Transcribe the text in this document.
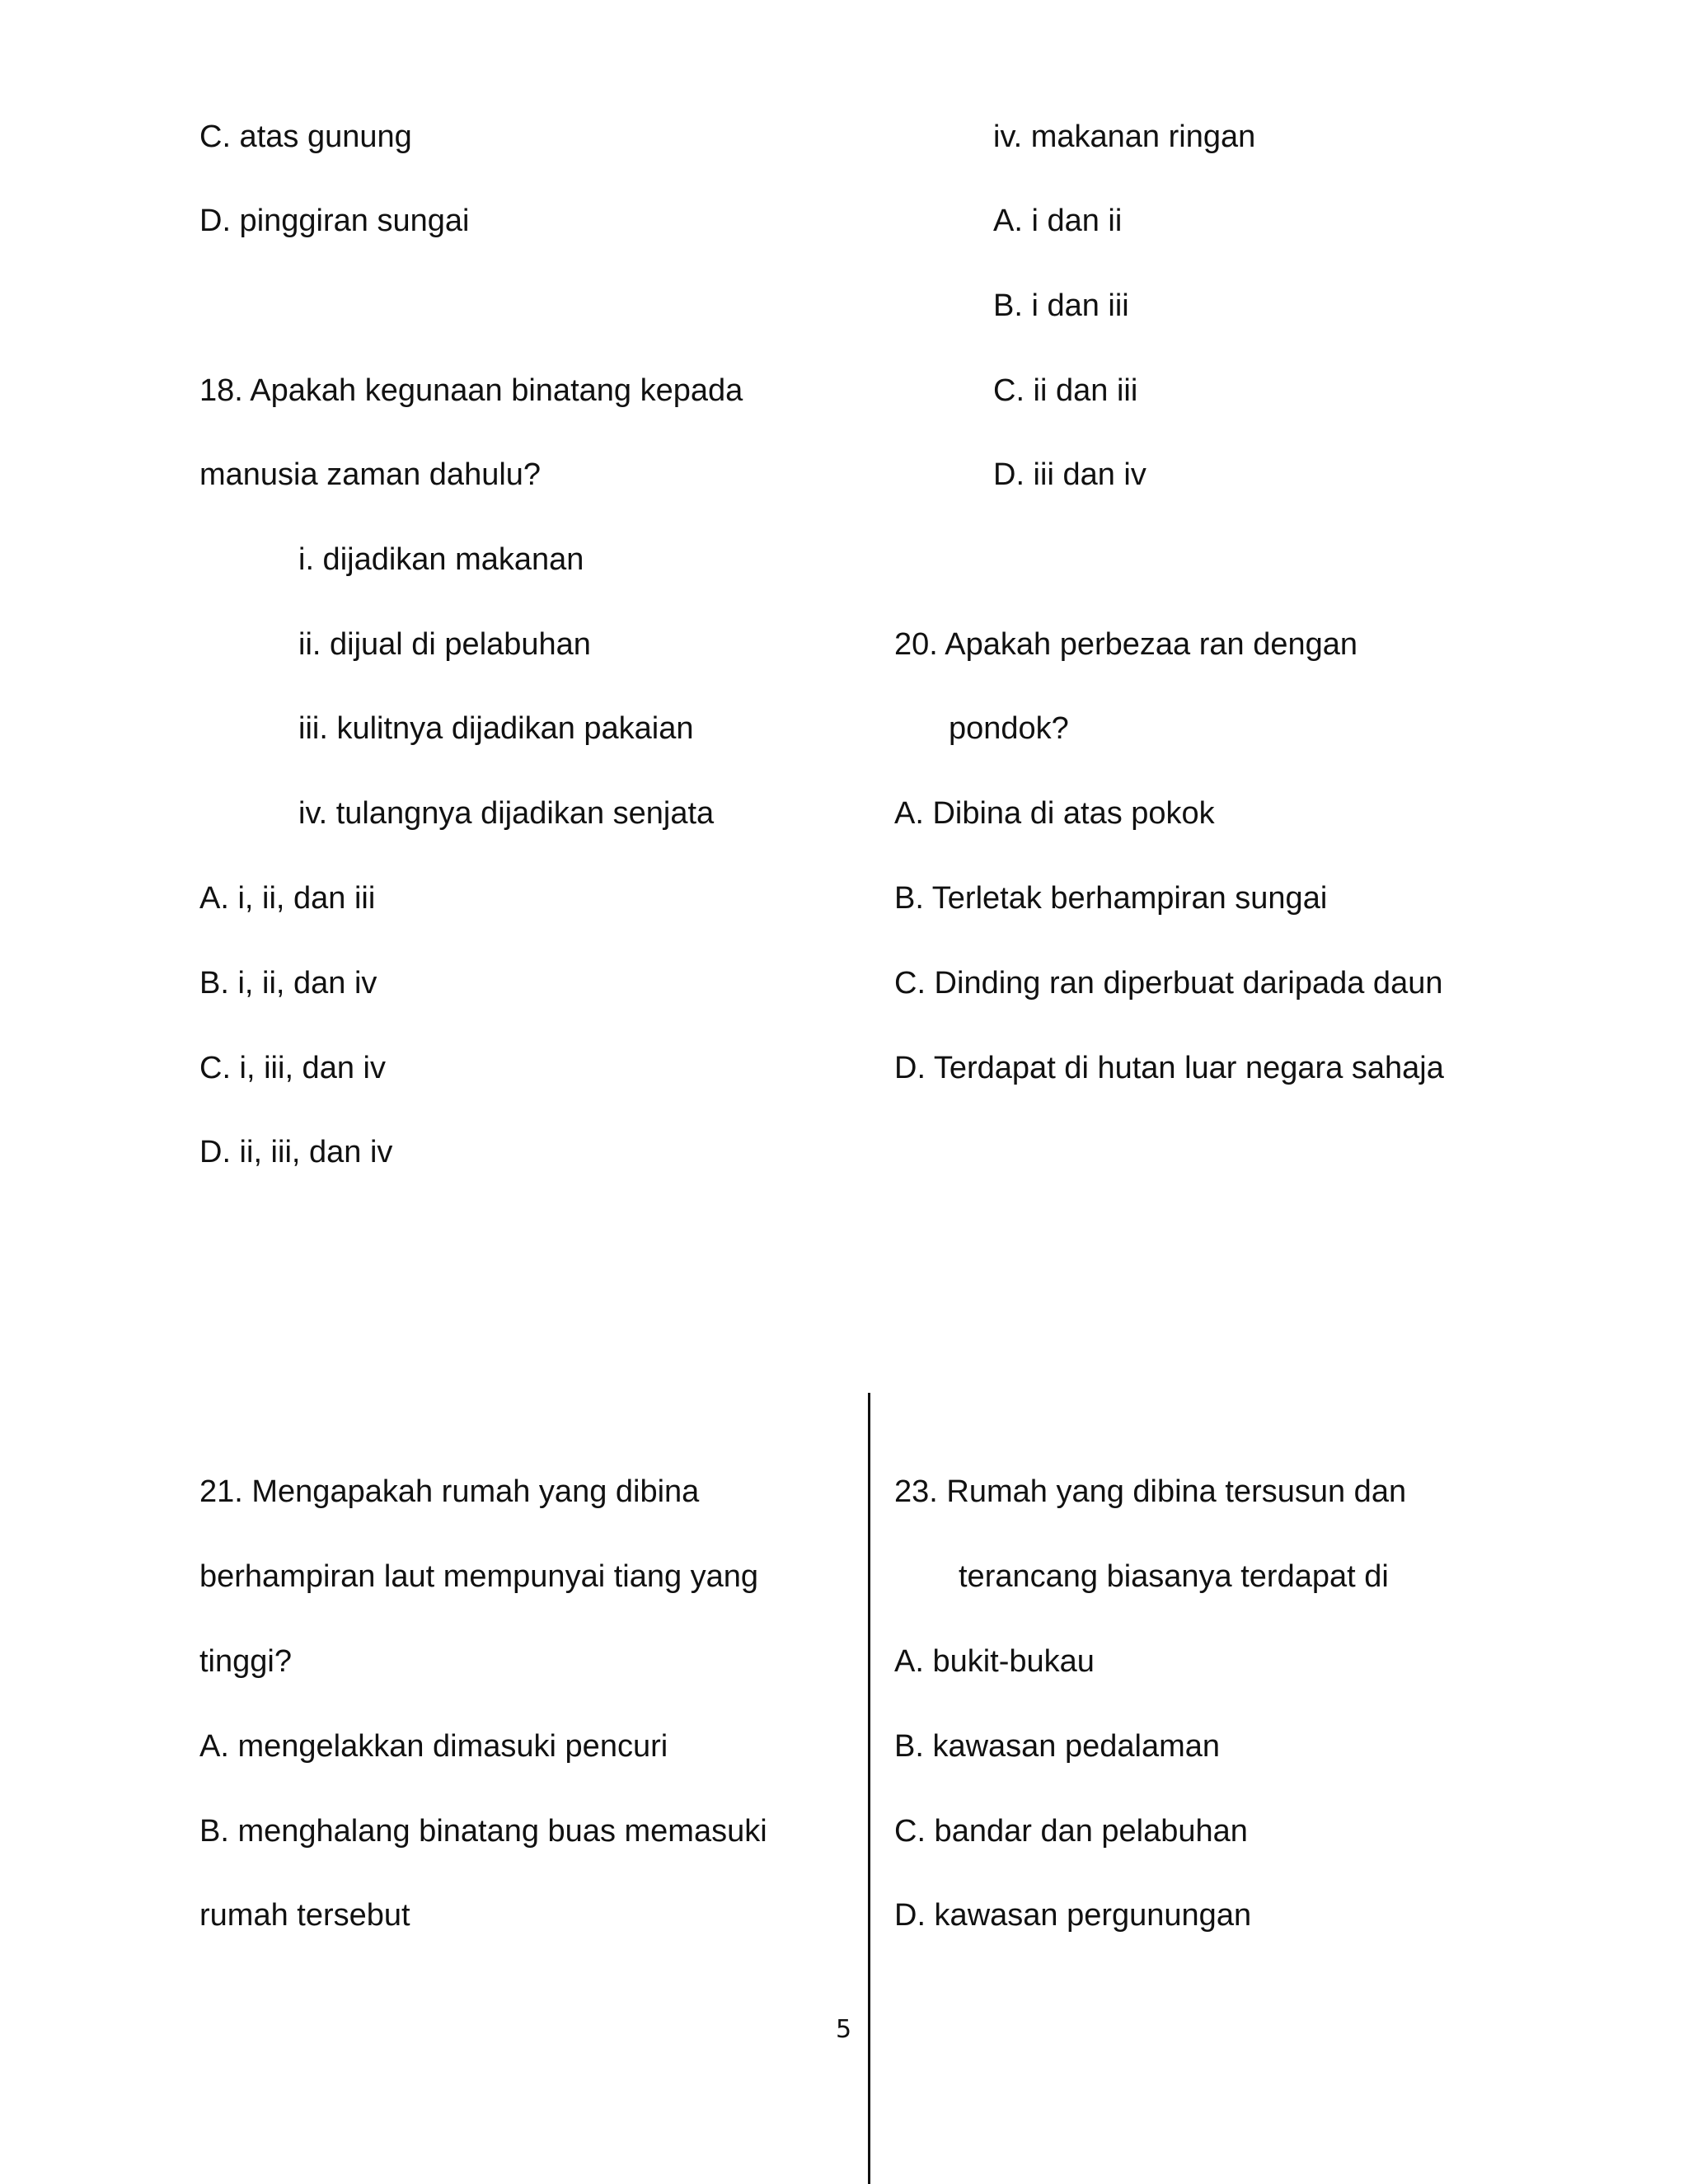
C. atas gunung
D. pinggiran sungai
18. Apakah kegunaan binatang kepada
manusia zaman dahulu?
i. dijadikan makanan
ii. dijual di pelabuhan
iii. kulitnya dijadikan pakaian
iv. tulangnya dijadikan senjata
A. i, ii, dan iii
B. i, ii, dan iv
C. i, iii, dan iv
D. ii, iii, dan iv
iv. makanan ringan
A. i dan ii
B. i dan iii
C. ii dan iii
D. iii dan iv
20. Apakah perbezaa ran dengan
pondok?
A. Dibina di atas pokok
B. Terletak berhampiran sungai
C. Dinding ran diperbuat daripada daun
D. Terdapat di hutan luar negara sahaja
21. Mengapakah rumah yang dibina
berhampiran laut mempunyai tiang yang
tinggi?
A. mengelakkan dimasuki pencuri
B. menghalang binatang buas memasuki
rumah tersebut
23. Rumah yang dibina tersusun dan
terancang biasanya terdapat di
A. bukit-bukau
B. kawasan pedalaman
C. bandar dan pelabuhan
D. kawasan pergunungan
5
